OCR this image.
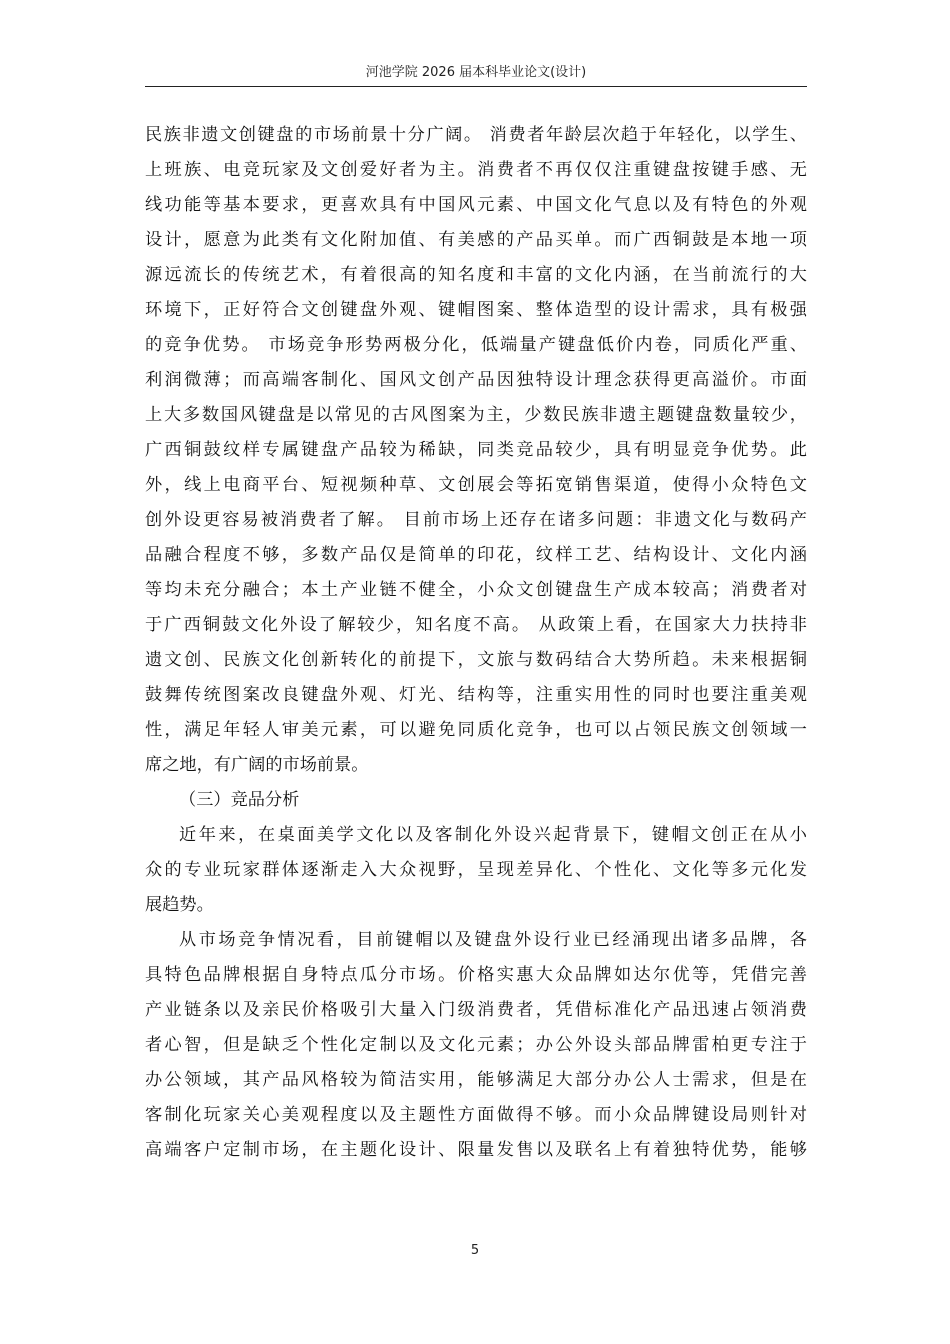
河池学院 2026 届本科毕业论文(设计)
民族非遗文创键盘的市场前景十分广阔。 消费者年龄层次趋于年轻化，以学生、
上班族、电竞玩家及文创爱好者为主。消费者不再仅仅注重键盘按键手感、无
线功能等基本要求，更喜欢具有中国风元素、中国文化气息以及有特色的外观
设计，愿意为此类有文化附加值、有美感的产品买单。而广西铜鼓是本地一项
源远流长的传统艺术，有着很高的知名度和丰富的文化内涵，在当前流行的大
环境下，正好符合文创键盘外观、键帽图案、整体造型的设计需求，具有极强
的竞争优势。 市场竞争形势两极分化，低端量产键盘低价内卷，同质化严重、
利润微薄；而高端客制化、国风文创产品因独特设计理念获得更高溢价。市面
上大多数国风键盘是以常见的古风图案为主，少数民族非遗主题键盘数量较少，
广西铜鼓纹样专属键盘产品较为稀缺，同类竞品较少，具有明显竞争优势。此
外，线上电商平台、短视频种草、文创展会等拓宽销售渠道，使得小众特色文
创外设更容易被消费者了解。 目前市场上还存在诸多问题：非遗文化与数码产
品融合程度不够，多数产品仅是简单的印花，纹样工艺、结构设计、文化内涵
等均未充分融合；本土产业链不健全，小众文创键盘生产成本较高；消费者对
于广西铜鼓文化外设了解较少，知名度不高。 从政策上看，在国家大力扶持非
遗文创、民族文化创新转化的前提下，文旅与数码结合大势所趋。未来根据铜
鼓舞传统图案改良键盘外观、灯光、结构等，注重实用性的同时也要注重美观
性，满足年轻人审美元素，可以避免同质化竞争，也可以占领民族文创领域一
席之地，有广阔的市场前景。
（三）竞品分析
近年来，在桌面美学文化以及客制化外设兴起背景下，键帽文创正在从小
众的专业玩家群体逐渐走入大众视野，呈现差异化、个性化、文化等多元化发
展趋势。
从市场竞争情况看，目前键帽以及键盘外设行业已经涌现出诸多品牌，各
具特色品牌根据自身特点瓜分市场。价格实惠大众品牌如达尔优等，凭借完善
产业链条以及亲民价格吸引大量入门级消费者，凭借标准化产品迅速占领消费
者心智，但是缺乏个性化定制以及文化元素；办公外设头部品牌雷柏更专注于
办公领域，其产品风格较为简洁实用，能够满足大部分办公人士需求，但是在
客制化玩家关心美观程度以及主题性方面做得不够。而小众品牌键设局则针对
高端客户定制市场，在主题化设计、限量发售以及联名上有着独特优势，能够
5
